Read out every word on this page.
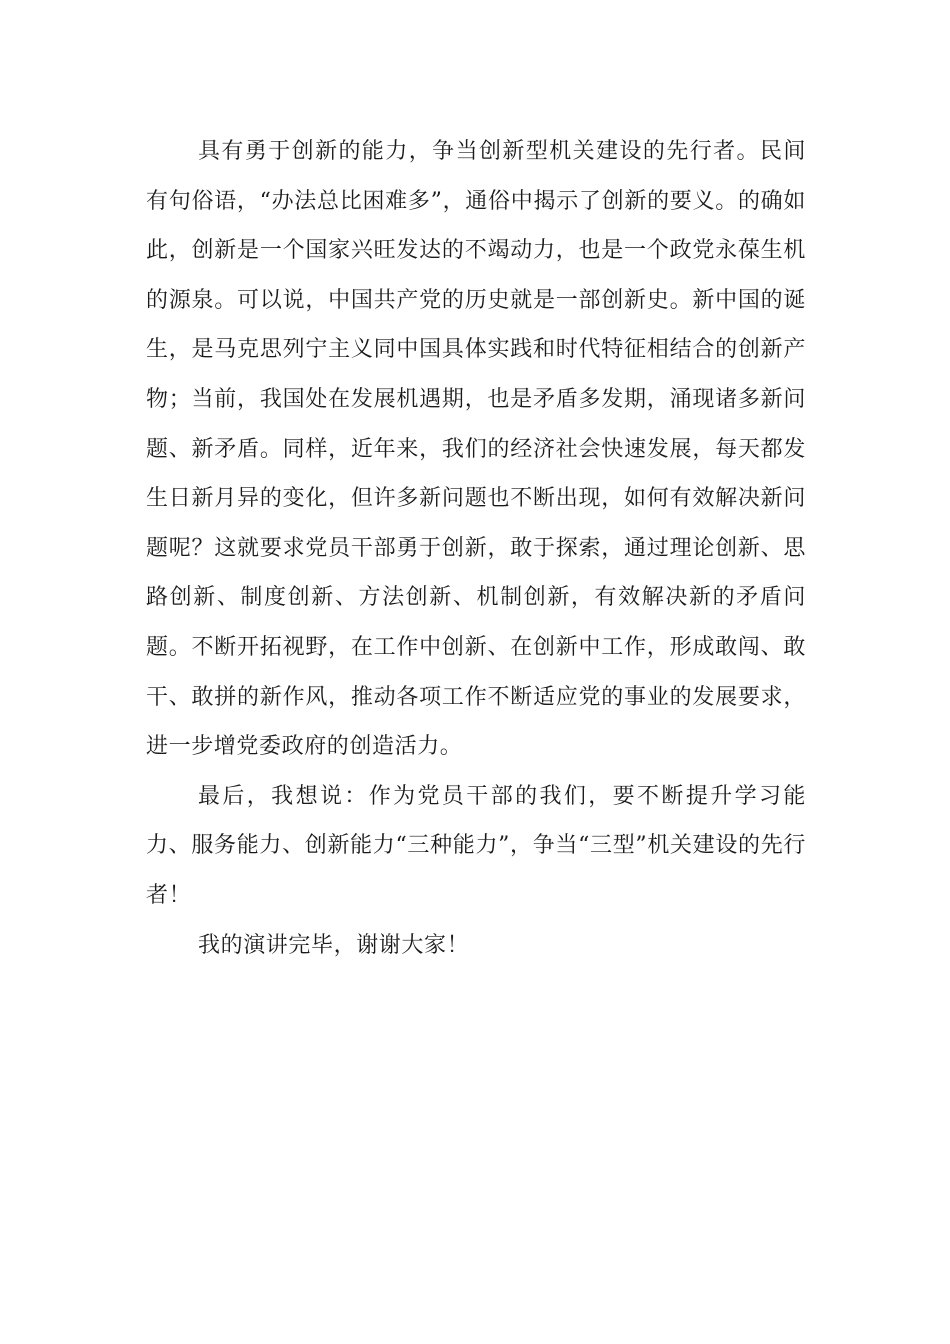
具有勇于创新的能力，争当创新型机关建设的先行者。民间有句俗语，“办法总比困难多”，通俗中揭示了创新的要义。的确如此，创新是一个国家兴旺发达的不竭动力，也是一个政党永葆生机的源泉。可以说，中国共产党的历史就是一部创新史。新中国的诞生，是马克思列宁主义同中国具体实践和时代特征相结合的创新产物；当前，我国处在发展机遇期，也是矛盾多发期，涌现诸多新问题、新矛盾。同样，近年来，我们的经济社会快速发展，每天都发生日新月异的变化，但许多新问题也不断出现，如何有效解决新问题呢？这就要求党员干部勇于创新，敢于探索，通过理论创新、思路创新、制度创新、方法创新、机制创新，有效解决新的矛盾问题。不断开拓视野，在工作中创新、在创新中工作，形成敢闯、敢干、敢拼的新作风，推动各项工作不断适应党的事业的发展要求，进一步增党委政府的创造活力。

最后，我想说：作为党员干部的我们，要不断提升学习能力、服务能力、创新能力“三种能力”，争当“三型”机关建设的先行者！

我的演讲完毕，谢谢大家！
